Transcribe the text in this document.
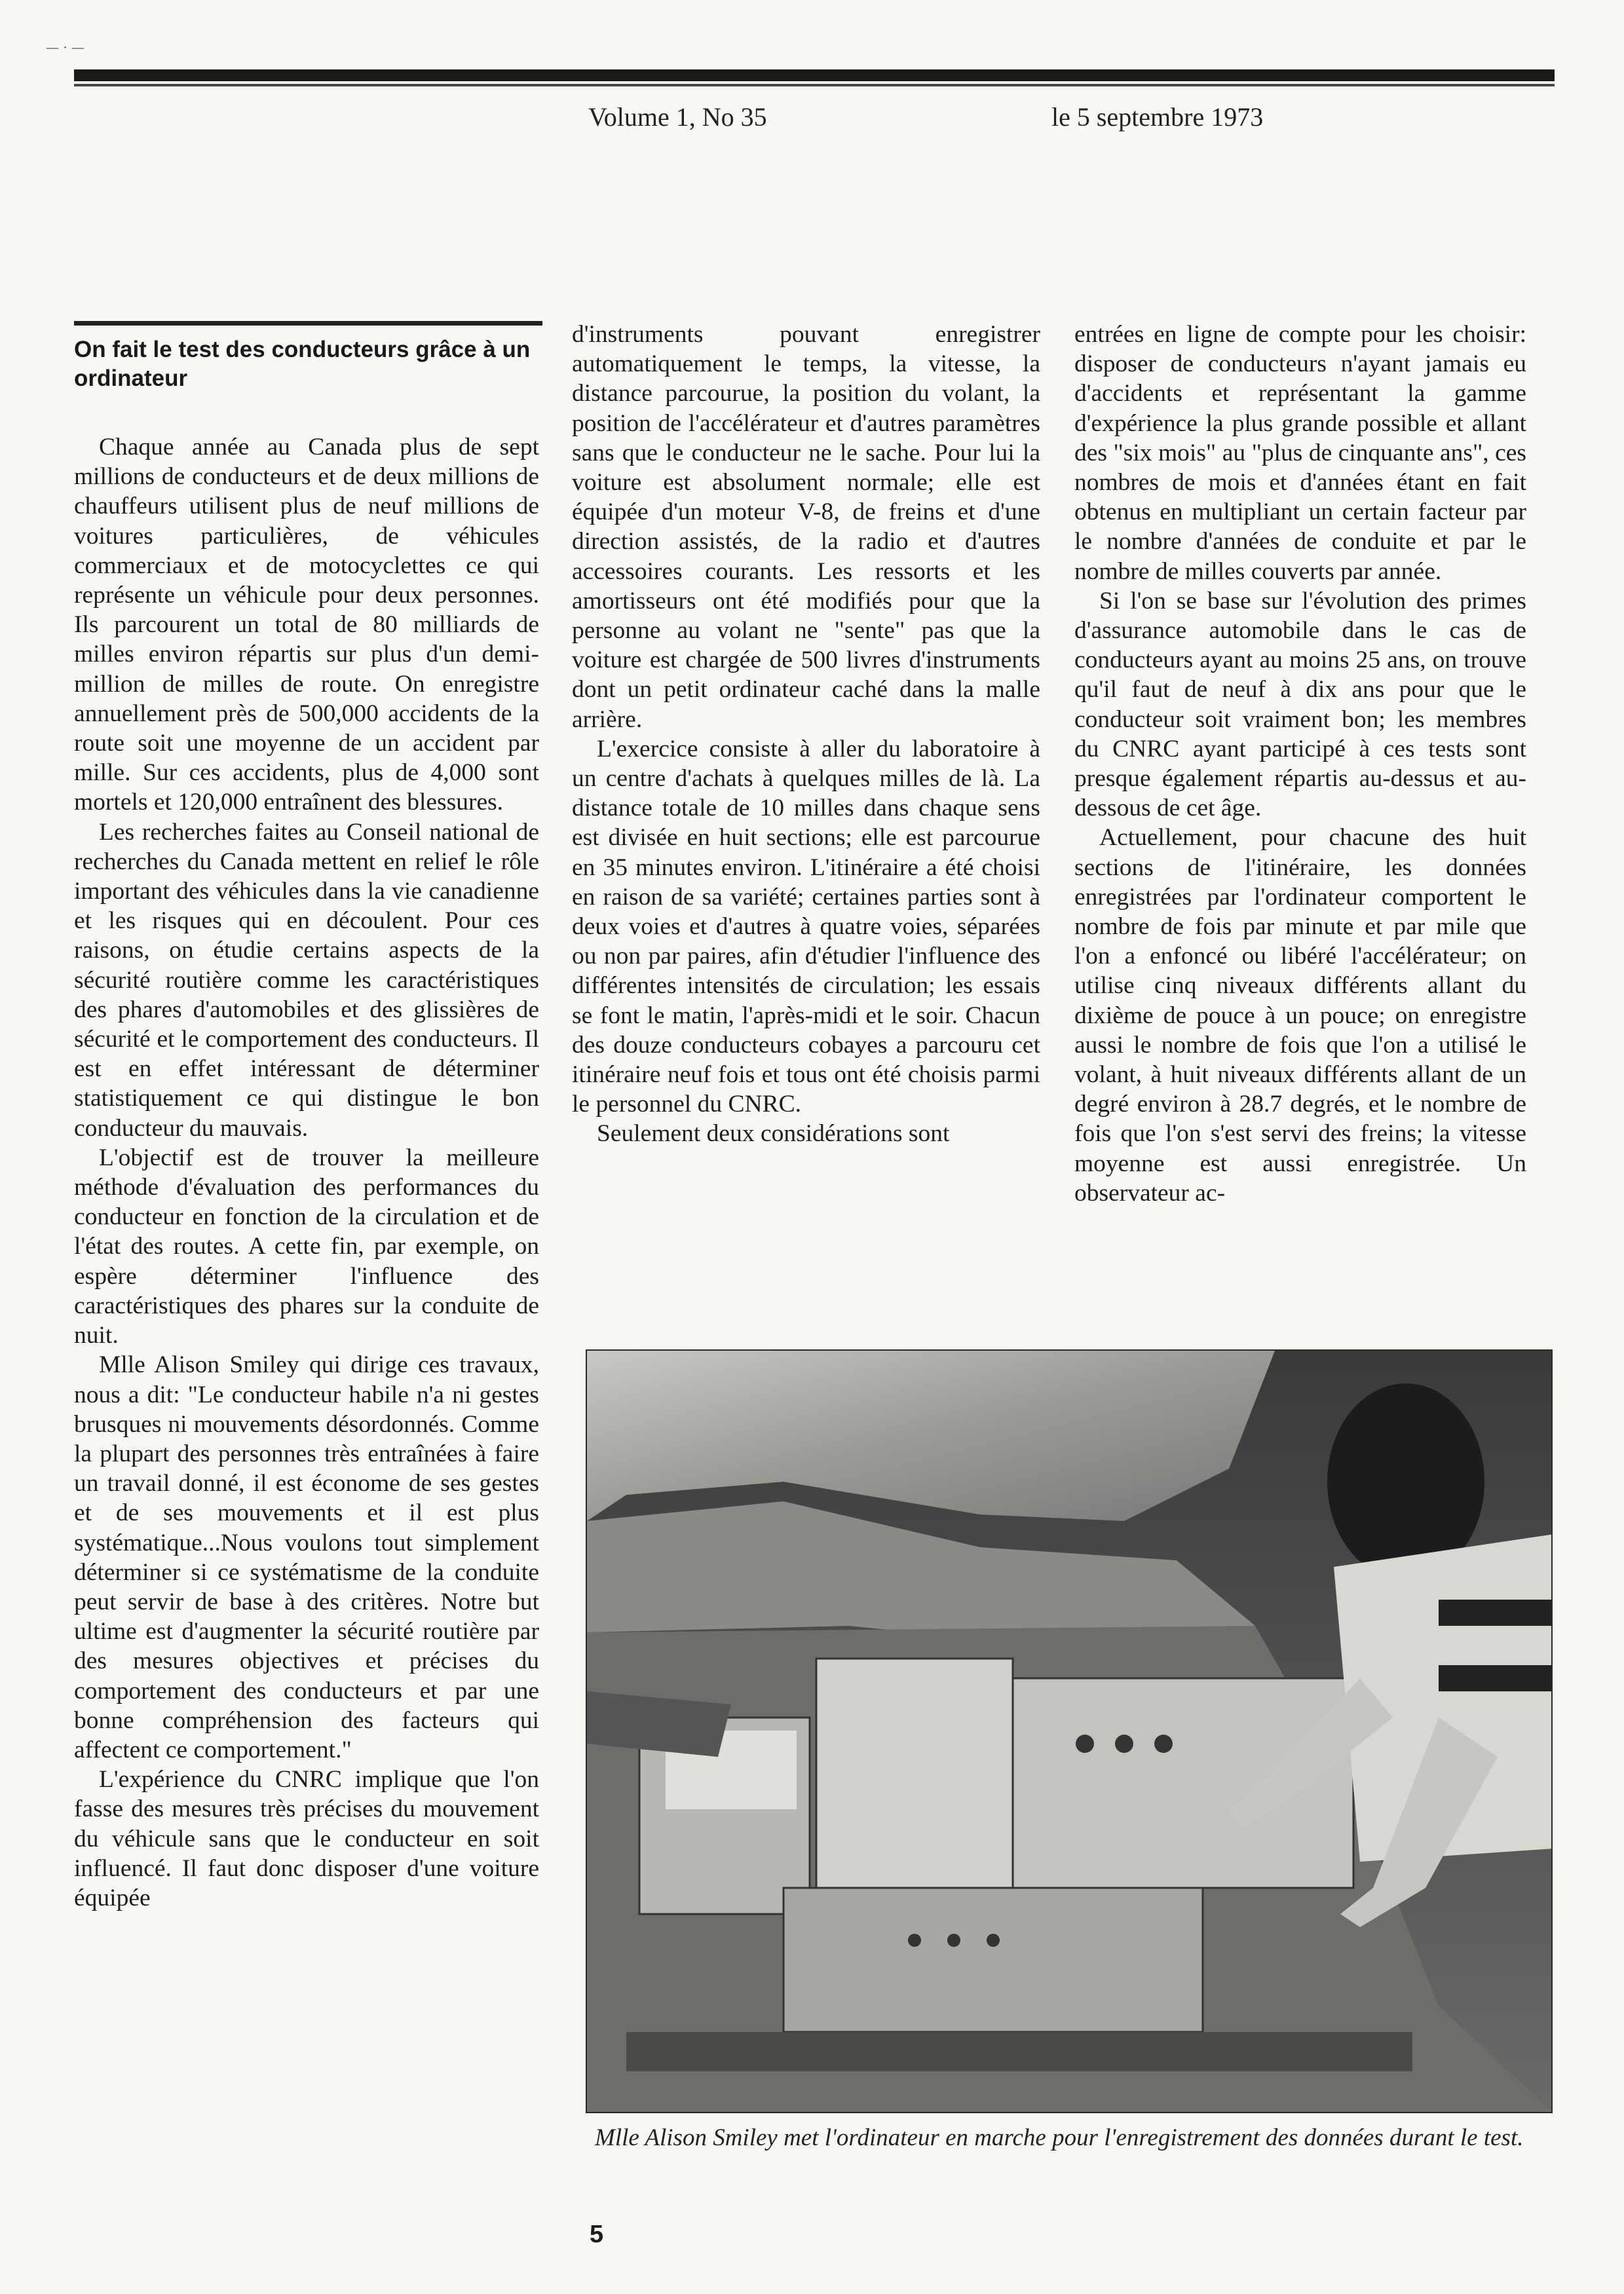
— · —
Volume 1, No 35	le 5 septembre 1973
On fait le test des conducteurs grâce à un ordinateur

Chaque année au Canada plus de sept millions de conducteurs et de deux millions de chauffeurs utilisent plus de neuf millions de voitures particulières, de véhicules commerciaux et de motocyclettes ce qui représente un véhicule pour deux personnes. Ils parcourent un total de 80 milliards de milles environ répartis sur plus d'un demi-million de milles de route. On enregistre annuellement près de 500,000 accidents de la route soit une moyenne de un accident par mille. Sur ces accidents, plus de 4,000 sont mortels et 120,000 entraînent des blessures.

Les recherches faites au Conseil national de recherches du Canada mettent en relief le rôle important des véhicules dans la vie canadienne et les risques qui en découlent. Pour ces raisons, on étudie certains aspects de la sécurité routière comme les caractéristiques des phares d'automobiles et des glissières de sécurité et le comportement des conducteurs. Il est en effet intéressant de déterminer statistiquement ce qui distingue le bon conducteur du mauvais.

L'objectif est de trouver la meilleure méthode d'évaluation des performances du conducteur en fonction de la circulation et de l'état des routes. A cette fin, par exemple, on espère déterminer l'influence des caractéristiques des phares sur la conduite de nuit.

Mlle Alison Smiley qui dirige ces travaux, nous a dit: "Le conducteur habile n'a ni gestes brusques ni mouvements désordonnés. Comme la plupart des personnes très entraînées à faire un travail donné, il est économe de ses gestes et de ses mouvements et il est plus systématique...Nous voulons tout simplement déterminer si ce systématisme de la conduite peut servir de base à des critères. Notre but ultime est d'augmenter la sécurité routière par des mesures objectives et précises du comportement des conducteurs et par une bonne compréhension des facteurs qui affectent ce comportement."

L'expérience du CNRC implique que l'on fasse des mesures très précises du mouvement du véhicule sans que le conducteur en soit influencé. Il faut donc disposer d'une voiture équipée

d'instruments pouvant enregistrer automatiquement le temps, la vitesse, la distance parcourue, la position du volant, la position de l'accélérateur et d'autres paramètres sans que le conducteur ne le sache. Pour lui la voiture est absolument normale; elle est équipée d'un moteur V-8, de freins et d'une direction assistés, de la radio et d'autres accessoires courants. Les ressorts et les amortisseurs ont été modifiés pour que la personne au volant ne "sente" pas que la voiture est chargée de 500 livres d'instruments dont un petit ordinateur caché dans la malle arrière.

L'exercice consiste à aller du laboratoire à un centre d'achats à quelques milles de là. La distance totale de 10 milles dans chaque sens est divisée en huit sections; elle est parcourue en 35 minutes environ. L'itinéraire a été choisi en raison de sa variété; certaines parties sont à deux voies et d'autres à quatre voies, séparées ou non par paires, afin d'étudier l'influence des différentes intensités de circulation; les essais se font le matin, l'après-midi et le soir. Chacun des douze conducteurs cobayes a parcouru cet itinéraire neuf fois et tous ont été choisis parmi le personnel du CNRC.

Seulement deux considérations sont

entrées en ligne de compte pour les choisir: disposer de conducteurs n'ayant jamais eu d'accidents et représentant la gamme d'expérience la plus grande possible et allant des "six mois" au "plus de cinquante ans", ces nombres de mois et d'années étant en fait obtenus en multipliant un certain facteur par le nombre d'années de conduite et par le nombre de milles couverts par année.

Si l'on se base sur l'évolution des primes d'assurance automobile dans le cas de conducteurs ayant au moins 25 ans, on trouve qu'il faut de neuf à dix ans pour que le conducteur soit vraiment bon; les membres du CNRC ayant participé à ces tests sont presque également répartis au-dessus et au-dessous de cet âge.

Actuellement, pour chacune des huit sections de l'itinéraire, les données enregistrées par l'ordinateur comportent le nombre de fois par minute et par mile que l'on a enfoncé ou libéré l'accélérateur; on utilise cinq niveaux différents allant du dixième de pouce à un pouce; on enregistre aussi le nombre de fois que l'on a utilisé le volant, à huit niveaux différents allant de un degré environ à 28.7 degrés, et le nombre de fois que l'on s'est servi des freins; la vitesse moyenne est aussi enregistrée. Un observateur ac-

Mlle Alison Smiley met l'ordinateur en marche pour l'enregistrement des données durant le test.
5
